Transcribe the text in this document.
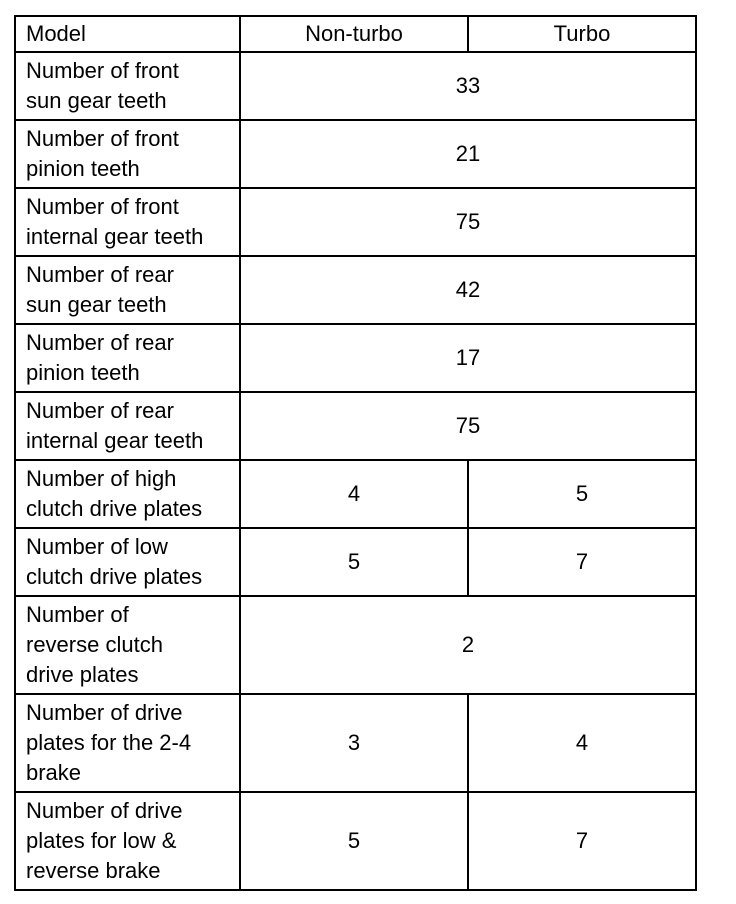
Model	Non-turbo	Turbo
Number of front
sun gear teeth	33	
Number of front
pinion teeth	21	
Number of front
internal gear teeth	75	
Number of rear
sun gear teeth	42	
Number of rear
pinion teeth	17	
Number of rear
internal gear teeth	75	
Number of high
clutch drive plates	4	5
Number of low
clutch drive plates	5	7
Number of
reverse clutch
drive plates	2	
Number of drive
plates for the 2-4
brake	3	4
Number of drive
plates for low &
reverse brake	5	7
